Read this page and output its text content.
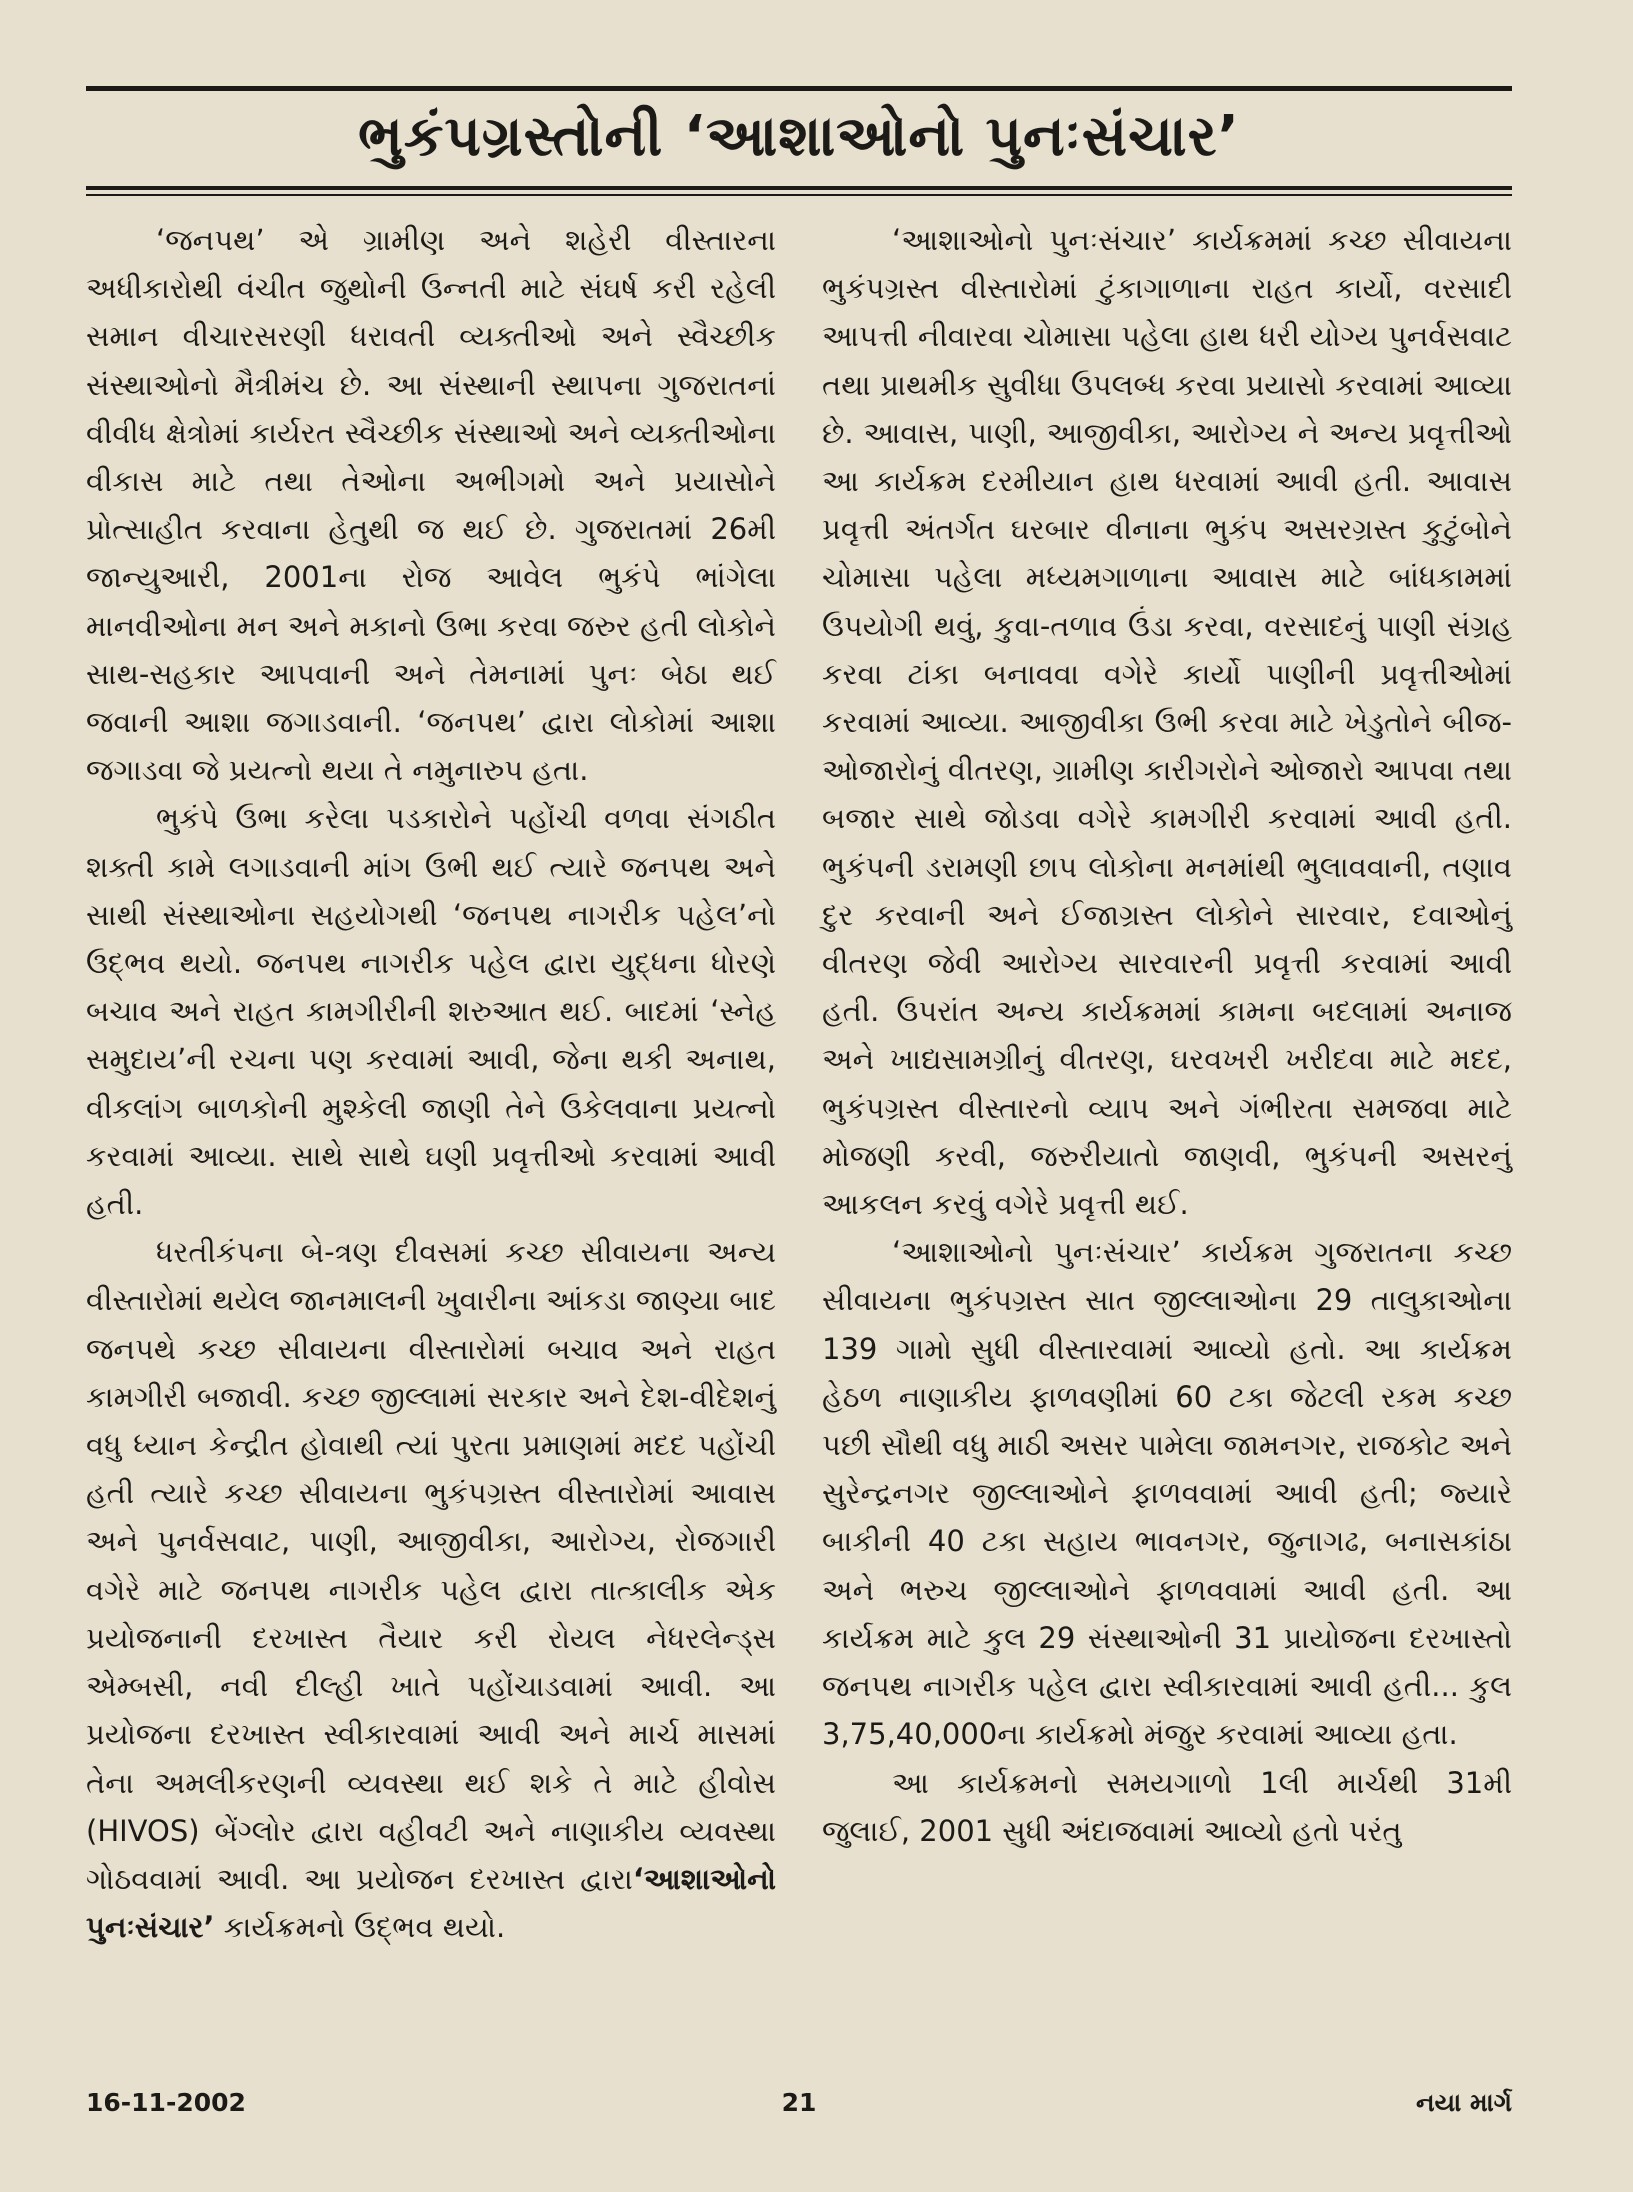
ભુકંપગ્રસ્તોની ‘આશાઓનો પુનઃસંચાર’

‘જનપથ’ એ ગ્રામીણ અને શહેરી વીસ્તારના અધીકારોથી વંચીત જુથોની ઉન્નતી માટે સંઘર્ષ કરી રહેલી સમાન વીચારસરણી ધરાવતી વ્યક્તીઓ અને સ્વૈચ્છીક સંસ્થાઓનો મૈત્રીમંચ છે. આ સંસ્થાની સ્થાપના ગુજરાતનાં વીવીધ ક્ષેત્રોમાં કાર્યરત સ્વૈચ્છીક સંસ્થાઓ અને વ્યક્તીઓના વીકાસ માટે તથા તેઓના અભીગમો અને પ્રયાસોને પ્રોત્સાહીત કરવાના હેતુથી જ થઈ છે. ગુજરાતમાં 26મી જાન્યુઆરી, 2001ના રોજ આવેલ ભુકંપે ભાંગેલા માનવીઓના મન અને મકાનો ઉભા કરવા જરુર હતી લોકોને સાથ-સહકાર આપવાની અને તેમનામાં પુનઃ બેઠા થઈ જવાની આશા જગાડવાની. ‘જનપથ’ દ્વારા લોકોમાં આશા જગાડવા જે પ્રયત્નો થયા તે નમુનારુપ હતા.

ભુકંપે ઉભા કરેલા પડકારોને પહોંચી વળવા સંગઠીત શક્તી કામે લગાડવાની માંગ ઉભી થઈ ત્યારે જનપથ અને સાથી સંસ્થાઓના સહયોગથી ‘જનપથ નાગરીક પહેલ’નો ઉદ્‌ભવ થયો. જનપથ નાગરીક પહેલ દ્વારા યુદ્ધના ધોરણે બચાવ અને રાહત કામગીરીની શરુઆત થઈ. બાદમાં ‘સ્નેહ સમુદાય’ની રચના પણ કરવામાં આવી, જેના થકી અનાથ, વીકલાંગ બાળકોની મુશ્કેલી જાણી તેને ઉકેલવાના પ્રયત્નો કરવામાં આવ્યા. સાથે સાથે ઘણી પ્રવૃત્તીઓ કરવામાં આવી હતી.

ધરતીકંપના બે-ત્રણ દીવસમાં કચ્છ સીવાયના અન્ય વીસ્તારોમાં થયેલ જાનમાલની ખુવારીના આંકડા જાણ્યા બાદ જનપથે કચ્છ સીવાયના વીસ્તારોમાં બચાવ અને રાહત કામગીરી બજાવી. કચ્છ જીલ્લામાં સરકાર અને દેશ-વીદેશનું વધુ ધ્યાન કેન્દ્રીત હોવાથી ત્યાં પુરતા પ્રમાણમાં મદદ પહોંચી હતી ત્યારે કચ્છ સીવાયના ભુકંપગ્રસ્ત વીસ્તારોમાં આવાસ અને પુનર્વસવાટ, પાણી, આજીવીકા, આરોગ્ય, રોજગારી વગેરે માટે જનપથ નાગરીક પહેલ દ્વારા તાત્કાલીક એક પ્રયોજનાની દરખાસ્ત તૈયાર કરી રોયલ નેધરલેન્ડ્સ એમ્બસી, નવી દીલ્હી ખાતે પહોંચાડવામાં આવી. આ પ્રયોજના દરખાસ્ત સ્વીકારવામાં આવી અને માર્ચ માસમાં તેના અમલીકરણની વ્યવસ્થા થઈ શકે તે માટે હીવોસ (HIVOS) બેંગ્લોર દ્વારા વહીવટી અને નાણાકીય વ્યવસ્થા ગોઠવવામાં આવી. આ પ્રયોજન દરખાસ્ત દ્વારા‘આશાઓનો પુનઃસંચાર’ કાર્યક્રમનો ઉદ્‌ભવ થયો.

‘આશાઓનો પુનઃસંચાર’ કાર્યક્રમમાં કચ્છ સીવાયના ભુકંપગ્રસ્ત વીસ્તારોમાં ટુંકાગાળાના રાહત કાર્યો, વરસાદી આપત્તી નીવારવા ચોમાસા પહેલા હાથ ધરી યોગ્ય પુનર્વસવાટ તથા પ્રાથમીક સુવીધા ઉપલબ્ધ કરવા પ્રયાસો કરવામાં આવ્યા છે. આવાસ, પાણી, આજીવીકા, આરોગ્ય ને અન્ય પ્રવૃત્તીઓ આ કાર્યક્રમ દરમીયાન હાથ ધરવામાં આવી હતી. આવાસ પ્રવૃત્તી અંતર્ગત ઘરબાર વીનાના ભુકંપ અસરગ્રસ્ત કુટુંબોને ચોમાસા પહેલા મધ્યમગાળાના આવાસ માટે બાંધકામમાં ઉપયોગી થવું, કુવા-તળાવ ઉંડા કરવા, વરસાદનું પાણી સંગ્રહ કરવા ટાંકા બનાવવા વગેરે કાર્યો પાણીની પ્રવૃત્તીઓમાં કરવામાં આવ્યા. આજીવીકા ઉભી કરવા માટે ખેડુતોને બીજ-ઓજારોનું વીતરણ, ગ્રામીણ કારીગરોને ઓજારો આપવા તથા બજાર સાથે જોડવા વગેરે કામગીરી કરવામાં આવી હતી. ભુકંપની ડરામણી છાપ લોકોના મનમાંથી ભુલાવવાની, તણાવ દુર કરવાની અને ઈજાગ્રસ્ત લોકોને સારવાર, દવાઓનું વીતરણ જેવી આરોગ્ય સારવારની પ્રવૃત્તી કરવામાં આવી હતી. ઉપરાંત અન્ય કાર્યક્રમમાં કામના બદલામાં અનાજ અને ખાદ્યસામગ્રીનું વીતરણ, ઘરવખરી ખરીદવા માટે મદદ, ભુકંપગ્રસ્ત વીસ્તારનો વ્યાપ અને ગંભીરતા સમજવા માટે મોજણી કરવી, જરુરીયાતો જાણવી, ભુકંપની અસરનું આકલન કરવું વગેરે પ્રવૃત્તી થઈ.

‘આશાઓનો પુનઃસંચાર’ કાર્યક્રમ ગુજરાતના કચ્છ સીવાયના ભુકંપગ્રસ્ત સાત જીલ્લાઓના 29 તાલુકાઓના 139 ગામો સુધી વીસ્તારવામાં આવ્યો હતો. આ કાર્યક્રમ હેઠળ નાણાકીય ફાળવણીમાં 60 ટકા જેટલી રકમ કચ્છ પછી સૌથી વધુ માઠી અસર પામેલા જામનગર, રાજકોટ અને સુરેન્દ્રનગર જીલ્લાઓને ફાળવવામાં આવી હતી; જ્યારે બાકીની 40 ટકા સહાય ભાવનગર, જુનાગઢ, બનાસકાંઠા અને ભરુચ જીલ્લાઓને ફાળવવામાં આવી હતી. આ કાર્યક્રમ માટે કુલ 29 સંસ્થાઓની 31 પ્રાયોજના દરખાસ્તો જનપથ નાગરીક પહેલ દ્વારા સ્વીકારવામાં આવી હતી... કુલ 3,75,40,000ના કાર્યક્રમો મંજુર કરવામાં આવ્યા હતા.

આ કાર્યક્રમનો સમયગાળો 1લી માર્ચથી 31મી જુલાઈ, 2001 સુધી અંદાજવામાં આવ્યો હતો પરંતુ

16-11-2002	21	નયા માર્ગ
